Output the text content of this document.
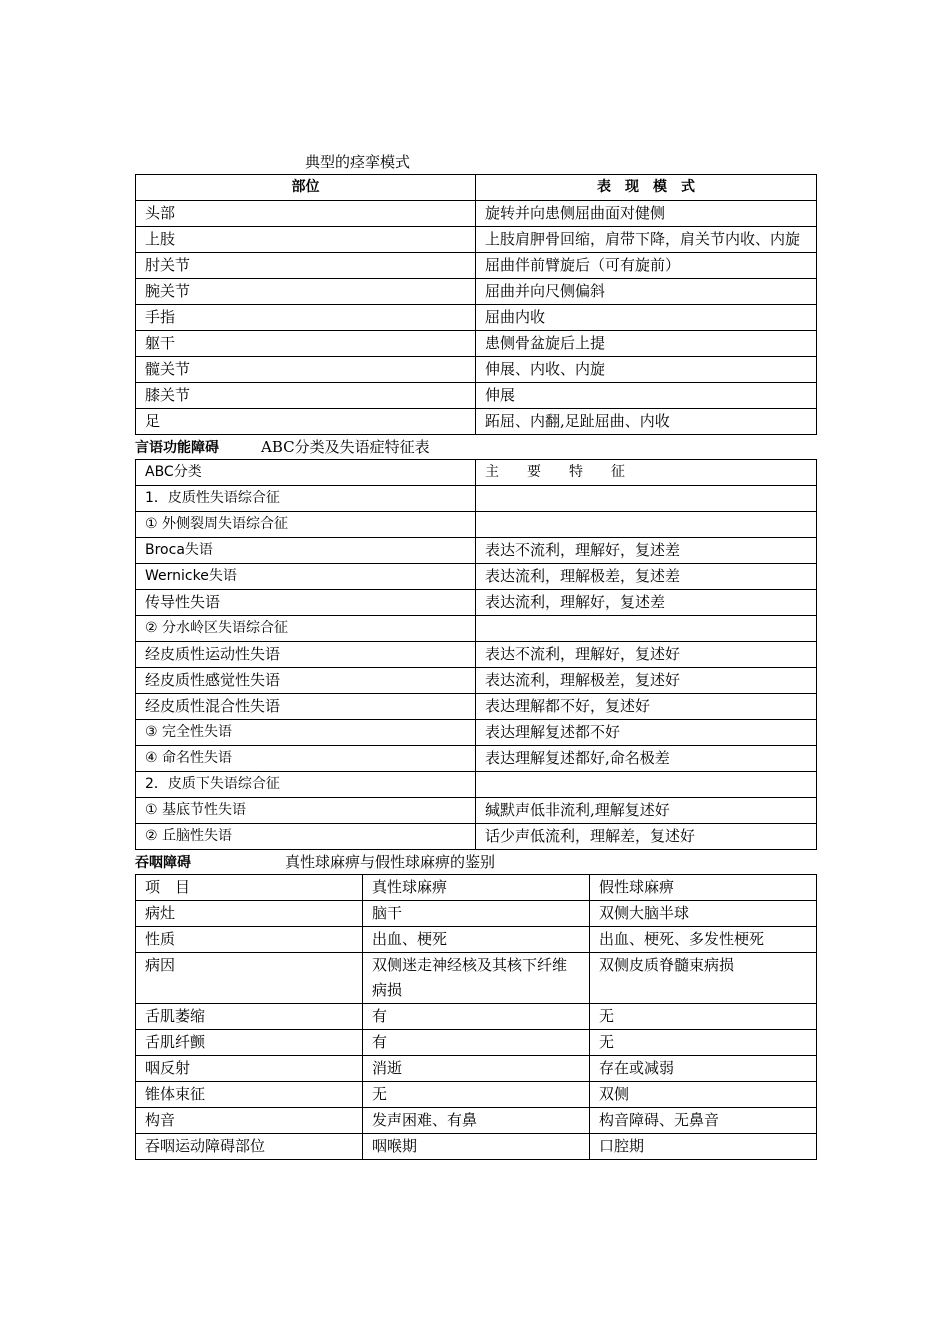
典型的痉挛模式
部位	表　现　模　式
头部	旋转并向患侧屈曲面对健侧
上肢	上肢肩胛骨回缩，肩带下降，肩关节内收、内旋
肘关节	屈曲伴前臂旋后（可有旋前）
腕关节	屈曲并向尺侧偏斜
手指	屈曲内收
躯干	患侧骨盆旋后上提
髋关节	伸展、内收、内旋
膝关节	伸展
足	跖屈、内翻,足趾屈曲、内收
言语功能障碍	ABC分类及失语症特征表
ABC分类	主　　要　　特　　征
1．皮质性失语综合征	
① 外侧裂周失语综合征	
Broca失语	表达不流利，理解好，复述差
Wernicke失语	表达流利，理解极差，复述差
传导性失语	表达流利，理解好，复述差
② 分水岭区失语综合征	
经皮质性运动性失语	表达不流利，理解好，复述好
经皮质性感觉性失语	表达流利，理解极差，复述好
经皮质性混合性失语	表达理解都不好，复述好
③ 完全性失语	表达理解复述都不好
④ 命名性失语	表达理解复述都好,命名极差
2．皮质下失语综合征	
① 基底节性失语	缄默声低非流利,理解复述好
② 丘脑性失语	话少声低流利，理解差，复述好
吞咽障碍	真性球麻痹与假性球麻痹的鉴别
项　目	真性球麻痹	假性球麻痹
病灶	脑干	双侧大脑半球
性质	出血、梗死	出血、梗死、多发性梗死
病因	双侧迷走神经核及其核下纤维病损	双侧皮质脊髓束病损
舌肌萎缩	有	无
舌肌纤颤	有	无
咽反射	消逝	存在或减弱
锥体束征	无	双侧
构音	发声困难、有鼻	构音障碍、无鼻音
吞咽运动障碍部位	咽喉期	口腔期
